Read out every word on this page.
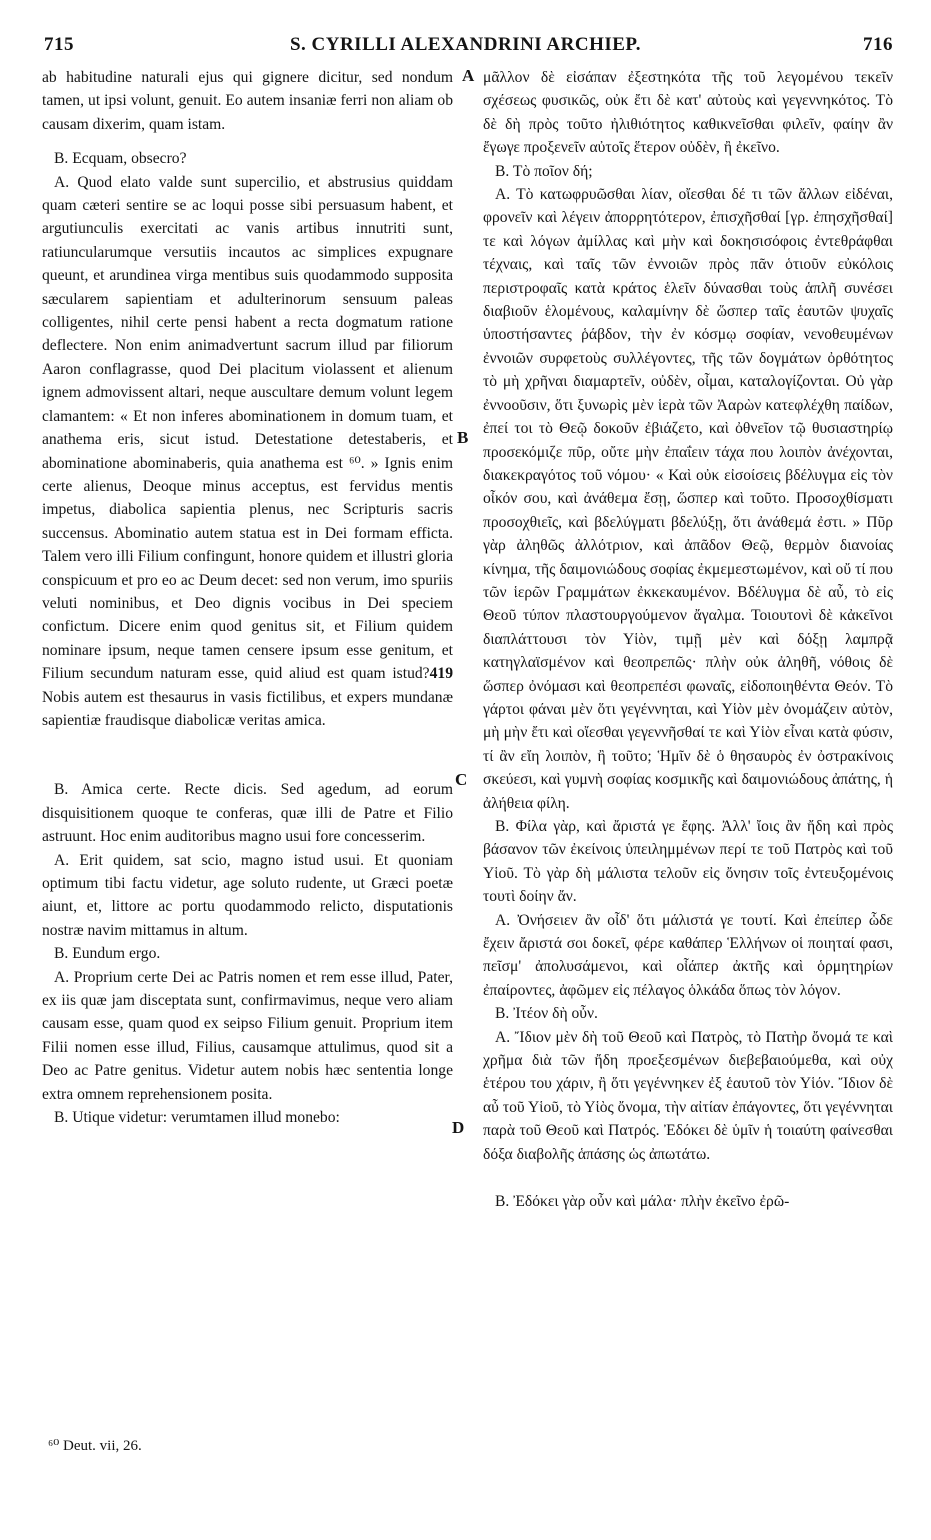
715	S. CYRILLI ALEXANDRINI ARCHIEP.	716
A
B
C
D

ab habitudine naturali ejus qui gignere dicitur, sed nondum tamen, ut ipsi volunt, genuit. Eo autem insaniæ ferri non aliam ob causam dixerim, quam istam.

B. Ecquam, obsecro?

A. Quod elato valde sunt supercilio, et abstrusius quiddam quam cæteri sentire se ac loqui posse sibi persuasum habent, et argutiunculis exercitati ac vanis artibus innutriti sunt, ratiuncularumque versutiis incautos ac simplices expugnare queunt, et arundinea virga mentibus suis quodammodo supposita sæcularem sapientiam et adulterinorum sensuum paleas colligentes, nihil certe pensi habent a recta dogmatum ratione deflectere. Non enim animadvertunt sacrum illud par filiorum Aaron conflagrasse, quod Dei placitum violassent et alienum ignem admovissent altari, neque auscultare demum volunt legem clamantem: « Et non inferes abominationem in domum tuam, et anathema eris, sicut istud. Detestatione detestaberis, et abominatione abominaberis, quia anathema est ⁶⁰. » Ignis enim certe alienus, Deoque minus acceptus, est fervidus mentis impetus, diabolica sapientia plenus, nec Scripturis sacris succensus. Abominatio autem statua est in Dei formam efficta. Talem vero illi Filium confingunt, honore quidem et illustri gloria conspicuum et pro eo ac Deum decet: sed non verum, imo spuriis veluti nominibus, et Deo dignis vocibus in Dei speciem confictum. Dicere enim quod genitus sit, et Filium quidem nominare ipsum, neque tamen censere ipsum esse genitum, et Filium secundum naturam esse, quid aliud est quam istud?419 Nobis autem est thesaurus in vasis fictilibus, et expers mundanæ sapientiæ fraudisque diabolicæ veritas amica.

B. Amica certe. Recte dicis. Sed agedum, ad eorum disquisitionem quoque te conferas, quæ illi de Patre et Filio astruunt. Hoc enim auditoribus magno usui fore concesserim.

A. Erit quidem, sat scio, magno istud usui. Et quoniam optimum tibi factu videtur, age soluto rudente, ut Græci poetæ aiunt, et, littore ac portu quodammodo relicto, disputationis nostræ navim mittamus in altum.

B. Eundum ergo.

A. Proprium certe Dei ac Patris nomen et rem esse illud, Pater, ex iis quæ jam disceptata sunt, confirmavimus, neque vero aliam causam esse, quam quod ex seipso Filium genuit. Proprium item Filii nomen esse illud, Filius, causamque attulimus, quod sit a Deo ac Patre genitus. Videtur autem nobis hæc sententia longe extra omnem reprehensionem posita.

B. Utique videtur: verumtamen illud monebo:

μᾶλλον δὲ εἰσάπαν ἐξεστηκότα τῆς τοῦ λεγομένου τεκεῖν σχέσεως φυσικῶς, οὐκ ἔτι δὲ κατ' αὐτοὺς καὶ γεγεννηκότος. Τὸ δὲ δὴ πρὸς τοῦτο ἠλιθιότητος καθικνεῖσθαι φιλεῖν, φαίην ἂν ἔγωγε προξενεῖν αὐτοῖς ἕτερον οὐδὲν, ἢ ἐκεῖνο.

Β. Τὸ ποῖον δή;

Α. Τὸ κατωφρυῶσθαι λίαν, οἴεσθαι δέ τι τῶν ἄλλων εἰδέναι, φρονεῖν καὶ λέγειν ἀπορρητότερον, ἐπισχῆσθαί [γρ. ἐπησχῆσθαί] τε καὶ λόγων ἀμίλλας καὶ μὴν καὶ δοκησισόφοις ἐντεθράφθαι τέχναις, καὶ ταῖς τῶν ἐννοιῶν πρὸς πᾶν ὁτιοῦν εὐκόλοις περιστροφαῖς κατὰ κράτος ἑλεῖν δύνασθαι τοὺς ἁπλῆ συνέσει διαβιοῦν ἑλομένους, καλαμίνην δὲ ὥσπερ ταῖς ἑαυτῶν ψυχαῖς ὑποστήσαντες ῥάβδον, τὴν ἐν κόσμῳ σοφίαν, νενοθευμένων ἐννοιῶν συρφετοὺς συλλέγοντες, τῆς τῶν δογμάτων ὀρθότητος τὸ μὴ χρῆναι διαμαρτεῖν, οὐδὲν, οἶμαι, καταλογίζονται. Οὐ γὰρ ἐννοοῦσιν, ὅτι ξυνωρὶς μὲν ἱερὰ τῶν Ἀαρὼν κατεφλέχθη παίδων, ἐπεί τοι τὸ Θεῷ δοκοῦν ἐβιάζετο, καὶ ὀθνεῖον τῷ θυσιαστηρίῳ προσεκόμιζε πῦρ, οὔτε μὴν ἐπαΐειν τάχα που λοιπὸν ἀνέχονται, διακεκραγότος τοῦ νόμου· « Καὶ οὐκ εἰσοίσεις βδέλυγμα εἰς τὸν οἶκόν σου, καὶ ἀνάθεμα ἔσῃ, ὥσπερ καὶ τοῦτο. Προσοχθίσματι προσοχθιεῖς, καὶ βδελύγματι βδελύξῃ, ὅτι ἀνάθεμά ἐστι. » Πῦρ γὰρ ἀληθῶς ἀλλότριον, καὶ ἀπᾶδον Θεῷ, θερμὸν διανοίας κίνημα, τῆς δαιμονιώδους σοφίας ἐκμεμεστωμένον, καὶ οὔ τί που τῶν ἱερῶν Γραμμάτων ἐκκεκαυμένον. Βδέλυγμα δὲ αὖ, τὸ εἰς Θεοῦ τύπον πλαστουργούμενον ἄγαλμα. Τοιουτονὶ δὲ κἀκεῖνοι διαπλάττουσι τὸν Υἱὸν, τιμῇ μὲν καὶ δόξῃ λαμπρᾷ κατηγλαϊσμένον καὶ θεοπρεπῶς· πλὴν οὐκ ἀληθῆ, νόθοις δὲ ὥσπερ ὀνόμασι καὶ θεοπρεπέσι φωναῖς, εἰδοποιηθέντα Θεόν. Τὸ γάρτοι φάναι μὲν ὅτι γεγέννηται, καὶ Υἱὸν μὲν ὀνομάζειν αὐτὸν, μὴ μὴν ἔτι καὶ οἴεσθαι γεγεννῆσθαί τε καὶ Υἱὸν εἶναι κατὰ φύσιν, τί ἂν εἴη λοιπὸν, ἢ τοῦτο; Ἡμῖν δὲ ὁ θησαυρὸς ἐν ὀστρακίνοις σκεύεσι, καὶ γυμνὴ σοφίας κοσμικῆς καὶ δαιμονιώδους ἀπάτης, ἡ ἀλήθεια φίλη.

Β. Φίλα γὰρ, καὶ ἄριστά γε ἔφης. Ἀλλ' ἴοις ἂν ἤδη καὶ πρὸς βάσανον τῶν ἐκείνοις ὑπειλημμένων περί τε τοῦ Πατρὸς καὶ τοῦ Υἱοῦ. Τὸ γὰρ δὴ μάλιστα τελοῦν εἰς ὄνησιν τοῖς ἐντευξομένοις τουτὶ δοίην ἄν.

Α. Ὀνήσειεν ἂν οἶδ' ὅτι μάλιστά γε τουτί. Καὶ ἐπείπερ ὧδε ἔχειν ἄριστά σοι δοκεῖ, φέρε καθάπερ Ἑλλήνων οἱ ποιηταί φασι, πεῖσμ' ἀπολυσάμενοι, καὶ οἷάπερ ἀκτῆς καὶ ὁρμητηρίων ἐπαίροντες, ἀφῶμεν εἰς πέλαγος ὁλκάδα ὅπως τὸν λόγον.

Β. Ἰτέον δὴ οὖν.

Α. Ἴδιον μὲν δὴ τοῦ Θεοῦ καὶ Πατρὸς, τὸ Πατὴρ ὄνομά τε καὶ χρῆμα διὰ τῶν ἤδη προεξεσμένων διεβεβαιούμεθα, καὶ οὐχ ἑτέρου του χάριν, ἢ ὅτι γεγέννηκεν ἐξ ἑαυτοῦ τὸν Υἱόν. Ἴδιον δὲ αὖ τοῦ Υἱοῦ, τὸ Υἱὸς ὄνομα, τὴν αἰτίαν ἐπάγοντες, ὅτι γεγέννηται παρὰ τοῦ Θεοῦ καὶ Πατρός. Ἐδόκει δὲ ὑμῖν ἡ τοιαύτη φαίνεσθαι δόξα διαβολῆς ἁπάσης ὡς ἀπωτάτω.

Β. Ἐδόκει γὰρ οὖν καὶ μάλα· πλὴν ἐκεῖνο ἐρῶ-

⁶⁰ Deut. vii, 26.
